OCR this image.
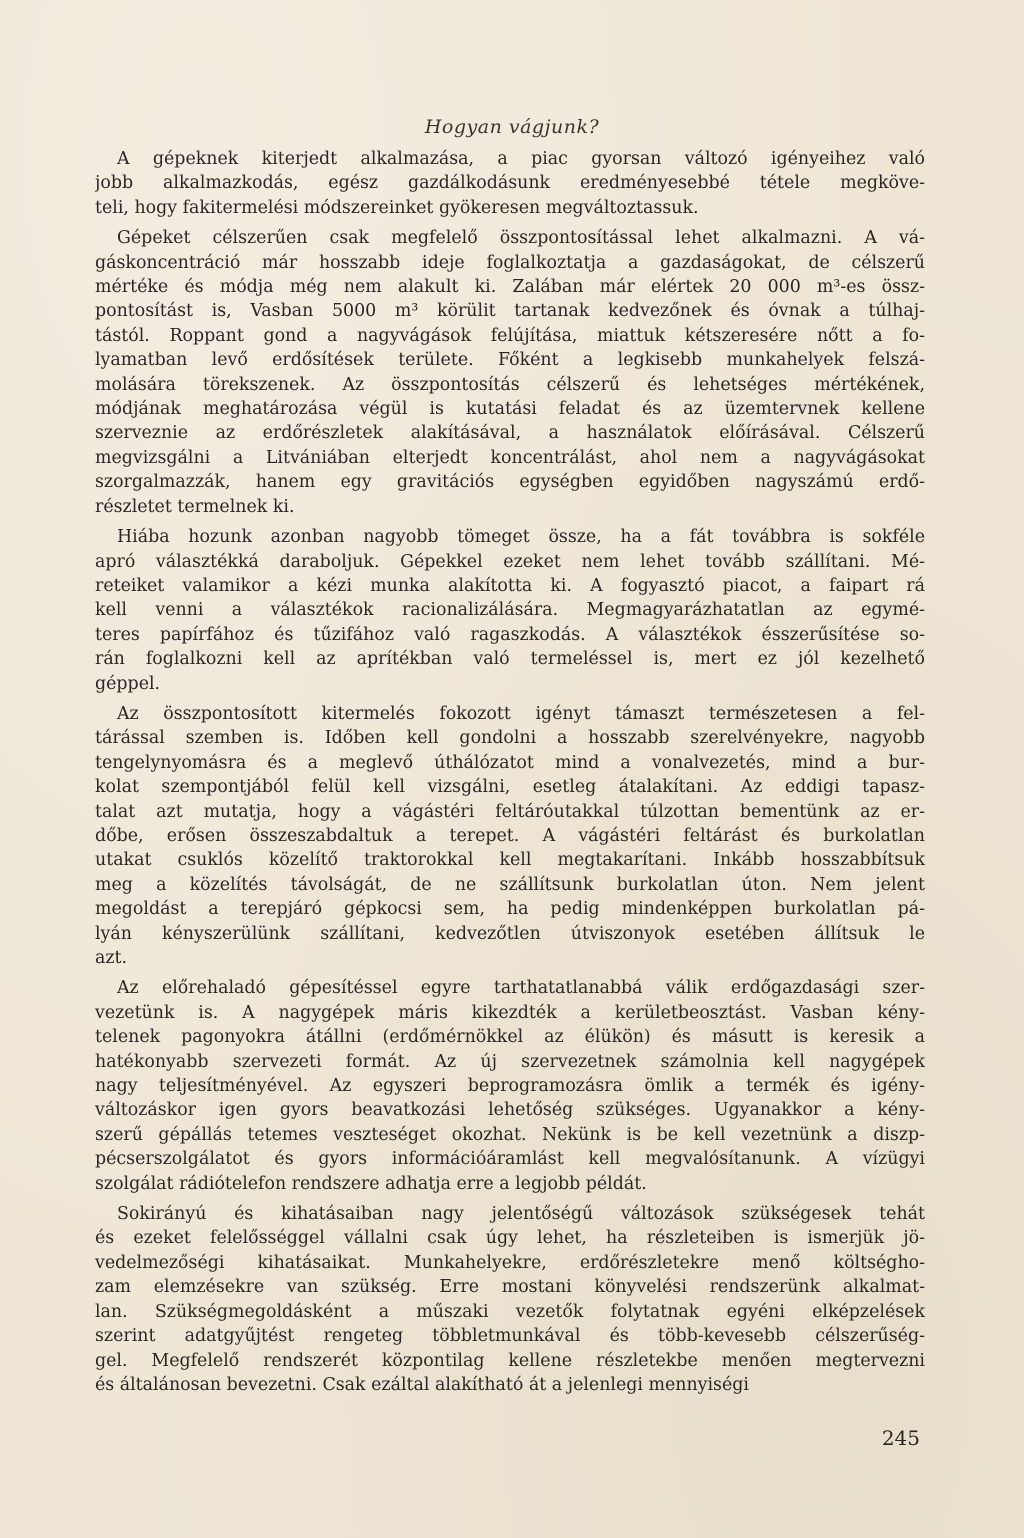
Hogyan vágjunk?
A gépeknek kiterjedt alkalmazása, a piac gyorsan változó igényeihez való
jobb alkalmazkodás, egész gazdálkodásunk eredményesebbé tétele megköve-
teli, hogy fakitermelési módszereinket gyökeresen megváltoztassuk.
Gépeket célszerűen csak megfelelő összpontosítással lehet alkalmazni. A vá-
gáskoncentráció már hosszabb ideje foglalkoztatja a gazdaságokat, de célszerű
mértéke és módja még nem alakult ki. Zalában már elértek 20 000 m³-es össz-
pontosítást is, Vasban 5000 m³ körülit tartanak kedvezőnek és óvnak a túlhaj-
tástól. Roppant gond a nagyvágások felújítása, miattuk kétszeresére nőtt a fo-
lyamatban levő erdősítések területe. Főként a legkisebb munkahelyek felszá-
molására törekszenek. Az összpontosítás célszerű és lehetséges mértékének,
módjának meghatározása végül is kutatási feladat és az üzemtervnek kellene
szerveznie az erdőrészletek alakításával, a használatok előírásával. Célszerű
megvizsgálni a Litvániában elterjedt koncentrálást, ahol nem a nagyvágásokat
szorgalmazzák, hanem egy gravitációs egységben egyidőben nagyszámú erdő-
részletet termelnek ki.
Hiába hozunk azonban nagyobb tömeget össze, ha a fát továbbra is sokféle
apró választékká daraboljuk. Gépekkel ezeket nem lehet tovább szállítani. Mé-
reteiket valamikor a kézi munka alakította ki. A fogyasztó piacot, a faipart rá
kell venni a választékok racionalizálására. Megmagyarázhatatlan az egymé-
teres papírfához és tűzifához való ragaszkodás. A választékok ésszerűsítése so-
rán foglalkozni kell az aprítékban való termeléssel is, mert ez jól kezelhető
géppel.
Az összpontosított kitermelés fokozott igényt támaszt természetesen a fel-
tárással szemben is. Időben kell gondolni a hosszabb szerelvényekre, nagyobb
tengelynyomásra és a meglevő úthálózatot mind a vonalvezetés, mind a bur-
kolat szempontjából felül kell vizsgálni, esetleg átalakítani. Az eddigi tapasz-
talat azt mutatja, hogy a vágástéri feltáróutakkal túlzottan bementünk az er-
dőbe, erősen összeszabdaltuk a terepet. A vágástéri feltárást és burkolatlan
utakat csuklós közelítő traktorokkal kell megtakarítani. Inkább hosszabbítsuk
meg a közelítés távolságát, de ne szállítsunk burkolatlan úton. Nem jelent
megoldást a terepjáró gépkocsi sem, ha pedig mindenképpen burkolatlan pá-
lyán kényszerülünk szállítani, kedvezőtlen útviszonyok esetében állítsuk le
azt.
Az előrehaladó gépesítéssel egyre tarthatatlanabbá válik erdőgazdasági szer-
vezetünk is. A nagygépek máris kikezdték a kerületbeosztást. Vasban kény-
telenek pagonyokra átállni (erdőmérnökkel az élükön) és másutt is keresik a
hatékonyabb szervezeti formát. Az új szervezetnek számolnia kell nagygépek
nagy teljesítményével. Az egyszeri beprogramozásra ömlik a termék és igény-
változáskor igen gyors beavatkozási lehetőség szükséges. Ugyanakkor a kény-
szerű gépállás tetemes veszteséget okozhat. Nekünk is be kell vezetnünk a diszp-
pécserszolgálatot és gyors információáramlást kell megvalósítanunk. A vízügyi
szolgálat rádiótelefon rendszere adhatja erre a legjobb példát.
Sokirányú és kihatásaiban nagy jelentőségű változások szükségesek tehát
és ezeket felelősséggel vállalni csak úgy lehet, ha részleteiben is ismerjük jö-
vedelmezőségi kihatásaikat. Munkahelyekre, erdőrészletekre menő költségho-
zam elemzésekre van szükség. Erre mostani könyvelési rendszerünk alkalmat-
lan. Szükségmegoldásként a műszaki vezetők folytatnak egyéni elképzelések
szerint adatgyűjtést rengeteg többletmunkával és több-kevesebb célszerűség-
gel. Megfelelő rendszerét központilag kellene részletekbe menően megtervezni
és általánosan bevezetni. Csak ezáltal alakítható át a jelenlegi mennyiségi
245
